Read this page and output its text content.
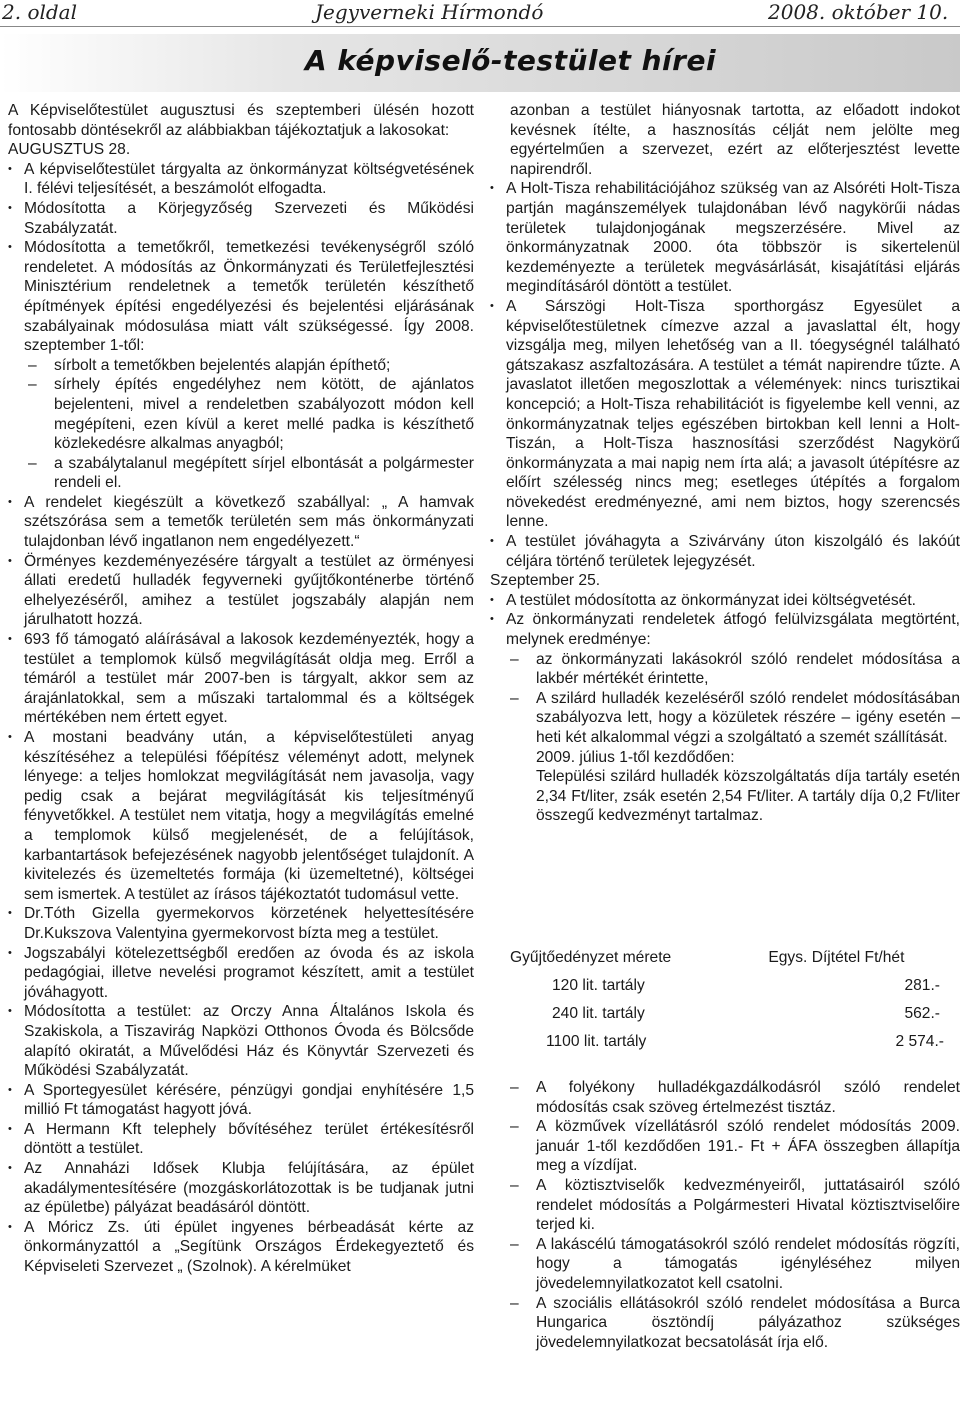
2. oldal	Jegyverneki Hírmondó	2008. október 10.
A képviselő-testület hírei

A Képviselőtestület augusztusi és szeptemberi ülésén hozott fontosabb döntésekről az alábbiakban tájékoztatjuk a lakosokat:

AUGUSZTUS 28.

• A képviselőtestület tárgyalta az önkormányzat költségvetésének I. félévi teljesítését, a beszámolót elfogadta.
• Módosította a Körjegyzőség Szervezeti és Működési Szabályzatát.
• Módosította a temetőkről, temetkezési tevékenységről szóló rendeletet. A módosítás az Önkormányzati és Területfejlesztési Minisztérium rendeletnek a temetők területén készíthető építmények építési engedélyezési és bejelentési eljárásának szabályainak módosulása miatt vált szükségessé. Így 2008. szeptember 1-től:
– sírbolt a temetőkben bejelentés alapján építhető;
– sírhely építés engedélyhez nem kötött, de ajánlatos bejelenteni, mivel a rendeletben szabályozott módon kell megépíteni, ezen kívül a keret mellé padka is készíthető közlekedésre alkalmas anyagból;
– a szabálytalanul megépített sírjel elbontását a polgármester rendeli el.
• A rendelet kiegészült a következő szabállyal: „ A hamvak szétszórása sem a temetők területén sem más önkormányzati tulajdonban lévő ingatlanon nem engedélyezett.“
• Örményes kezdeményezésére tárgyalt a testület az örményesi állati eredetű hulladék fegyverneki gyűjtőkonténerbe történő elhelyezéséről, amihez a testület jogszabály alapján nem járulhatott hozzá.
• 693 fő támogató aláírásával a lakosok kezdeményezték, hogy a testület a templomok külső megvilágítását oldja meg. Erről a témáról a testület már 2007-ben is tárgyalt, akkor sem az árajánlatokkal, sem a műszaki tartalommal és a költségek mértékében nem értett egyet.
• A mostani beadvány után, a képviselőtestületi anyag készítéséhez a települési főépítész véleményt adott, melynek lényege: a teljes homlokzat megvilágítását nem javasolja, vagy pedig csak a bejárat megvilágítását kis teljesítményű fényvetőkkel. A testület nem vitatja, hogy a megvilágítás emelné a templomok külső megjelenését, de a felújítások, karbantartások befejezésének nagyobb jelentőséget tulajdonít. A kivitelezés és üzemeltetés formája (ki üzemeltetné), költségei sem ismertek. A testület az írásos tájékoztatót tudomásul vette.
• Dr.Tóth Gizella gyermekorvos körzetének helyettesítésére Dr.Kukszova Valentyina gyermekorvost bízta meg a testület.
• Jogszabályi kötelezettségből eredően az óvoda és az iskola pedagógiai, illetve nevelési programot készített, amit a testület jóváhagyott.
• Módosította a testület: az Orczy Anna Általános Iskola és Szakiskola, a Tiszavirág Napközi Otthonos Óvoda és Bölcsőde alapító okiratát, a Művelődési Ház és Könyvtár Szervezeti és Működési Szabályzatát.
• A Sportegyesület kérésére, pénzügyi gondjai enyhítésére 1,5 millió Ft támogatást hagyott jóvá.
• A Hermann Kft telephely bővítéséhez terület értékesítésről döntött a testület.
• Az Annaházi Idősek Klubja felújítására, az épület akadálymentesítésére (mozgáskorlátozottak is be tudjanak jutni az épületbe) pályázat beadásáról döntött.
• A Móricz Zs. úti épület ingyenes bérbeadását kérte az önkormányzattól a „Segítünk Országos Érdekegyeztető és Képviseleti Szervezet „ (Szolnok). A kérelmüket

azonban a testület hiányosnak tartotta, az előadott indokot kevésnek ítélte, a hasznosítás célját nem jelölte meg egyértelműen a szervezet, ezért az előterjesztést levette napirendről.

• A Holt-Tisza rehabilitációjához szükség van az Alsóréti Holt-Tisza partján magánszemélyek tulajdonában lévő nagykörűi nádas területek tulajdonjogának megszerzésére. Mivel az önkormányzatnak 2000. óta többször is sikertelenül kezdeményezte a területek megvásárlását, kisajátítási eljárás megindításáról döntött a testület.
• A Sárszögi Holt-Tisza sporthorgász Egyesület a képviselőtestületnek címezve azzal a javaslattal élt, hogy vizsgálja meg, milyen lehetőség van a II. tóegységnél található gátszakasz aszfaltozására. A testület a témát napirendre tűzte. A javaslatot illetően megoszlottak a vélemények: nincs turisztikai koncepció; a Holt-Tisza rehabilitációt is figyelembe kell venni, az önkormányzatnak teljes egészében birtokban kell lenni a Holt-Tiszán, a Holt-Tisza hasznosítási szerződést Nagykörű önkormányzata a mai napig nem írta alá; a javasolt útépítésre az előírt szélesség nincs meg; esetleges útépítés a forgalom növekedést eredményezné, ami nem biztos, hogy szerencsés lenne.
• A testület jóváhagyta a Szivárvány úton kiszolgáló és lakóút céljára történő területek lejegyzését.

Szeptember 25.

• A testület módosította az önkormányzat idei költségvetését.
• Az önkormányzati rendeletek átfogó felülvizsgálata megtörtént, melynek eredménye:
– az önkormányzati lakásokról szóló rendelet módosítása a lakbér mértékét érintette,
– A szilárd hulladék kezeléséről szóló rendelet módosításában szabályozva lett, hogy a közületek részére – igény esetén – heti két alkalommal végzi a szolgáltató a szemét szállítását.
2009. július 1-től kezdődően:
Települési szilárd hulladék közszolgáltatás díja tartály esetén 2,34 Ft/liter, zsák esetén 2,54 Ft/liter. A tartály díja 0,2 Ft/liter összegű kedvezményt tartalmaz.
Gyűjtőedényzet mérete	Egys. Díjtétel Ft/hét
120 lit. tartály	281.-
240 lit. tartály	562.-
1100 lit. tartály	2 574.-
– A folyékony hulladékgazdálkodásról szóló rendelet módosítás csak szöveg értelmezést tisztáz.
– A közművek vízellátásról szóló rendelet módosítás 2009. január 1-től kezdődően 191.- Ft + ÁFA összegben állapítja meg a vízdíjat.
– A köztisztviselők kedvezményeiről, juttatásairól szóló rendelet módosítás a Polgármesteri Hivatal köztisztviselőire terjed ki.
– A lakáscélú támogatásokról szóló rendelet módosítás rögzíti, hogy a támogatás igényléséhez milyen jövedelemnyilatkozatot kell csatolni.
– A szociális ellátásokról szóló rendelet módosítása a Burca Hungarica ösztöndíj pályázathoz szükséges jövedelemnyilatkozat becsatolását írja elő.
